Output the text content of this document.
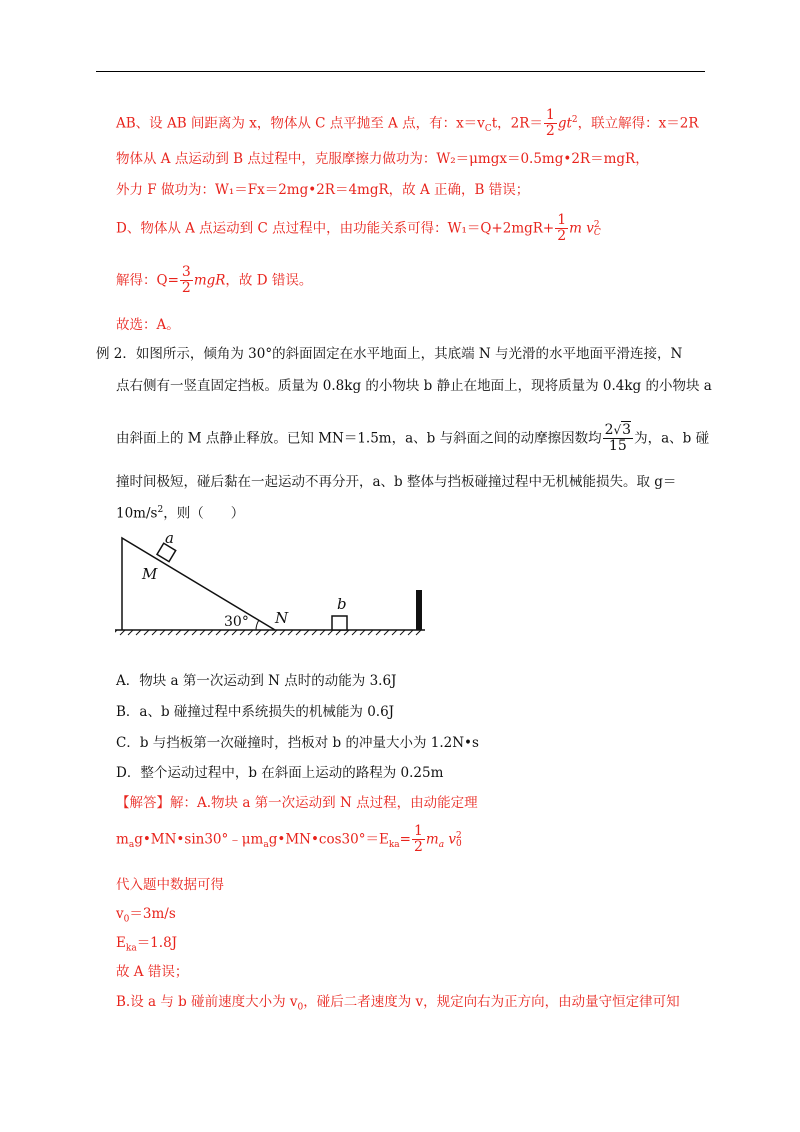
AB、设 AB 间距离为 x，物体从 C 点平抛至 A 点，有：$x=v_Ct$，$2R= \frac{1}{2} gt^2$，联立解得：x＝2R
物体从 A 点运动到 B 点过程中，克服摩擦力做功为：W₂＝μmgx＝0.5mg•2R＝mgR，
外力 F 做功为：W₁＝Fx＝2mg•2R＝4mgR，故 A 正确，B 错误；
D、物体从 A 点运动到 C 点过程中，由功能关系可得：$W_1=Q+2mgR+ \frac{1}{2}$ m v 2
C
解得：$Q= \frac{3}{2}$ mgR，故 D 错误。
故选：A。
例 2．如图所示，倾角为 30°的斜面固定在水平地面上，其底端 N 与光滑的水平地面平滑连接，N
点右侧有一竖直固定挡板。质量为 0.8kg 的小物块 b 静止在地面上，现将质量为 0.4kg 的小物块 a
由斜面上的 M 点静止释放。已知 MN＝1.5m，a、b 与斜面之间的动摩擦因数均 $\frac{2√3}{15}$ 为，a、b 碰
撞时间极短，碰后黏在一起运动不再分开，a、b 整体与挡板碰撞过程中无机械能损失。取 g＝
$10m/s^2$，则（　　）
a
M
30° N
b
A．物块 a 第一次运动到 N 点时的动能为 3.6J
B．a、b 碰撞过程中系统损失的机械能为 0.6J
C．b 与挡板第一次碰撞时，挡板对 b 的冲量大小为 1.2N•s
D．整个运动过程中，b 在斜面上运动的路程为 0.25m
【解答】解：A.物块 a 第一次运动到 N 点过程，由动能定理
$m_ag•MN•\sin 30^\circ﹣\mu m_ag•MN•\cos 30^\circ=E_{ka}= \frac{1}{2} m_a$ v 2
0
代入题中数据可得
$v_0=3m/s$
$E_{ka}=1.8J$
故 A 错误；
B.设 a 与 b 碰前速度大小为 $v_0$，碰后二者速度为 v，规定向右为正方向，由动量守恒定律可知
